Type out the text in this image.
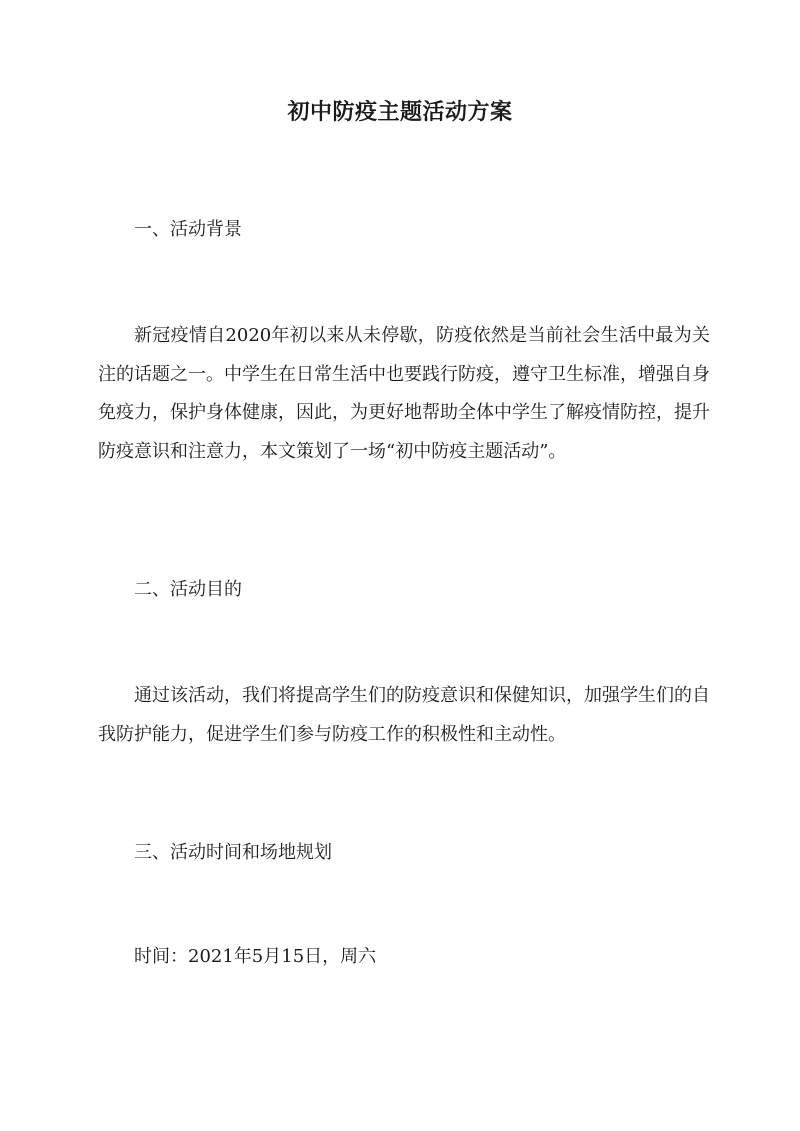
初中防疫主题活动方案
一、活动背景
新冠疫情自2020年初以来从未停歇，防疫依然是当前社会生活中最为关注的话题之一。中学生在日常生活中也要践行防疫，遵守卫生标准，增强自身免疫力，保护身体健康，因此，为更好地帮助全体中学生了解疫情防控，提升防疫意识和注意力，本文策划了一场“初中防疫主题活动”。
二、活动目的
通过该活动，我们将提高学生们的防疫意识和保健知识，加强学生们的自我防护能力，促进学生们参与防疫工作的积极性和主动性。
三、活动时间和场地规划
时间：2021年5月15日，周六
